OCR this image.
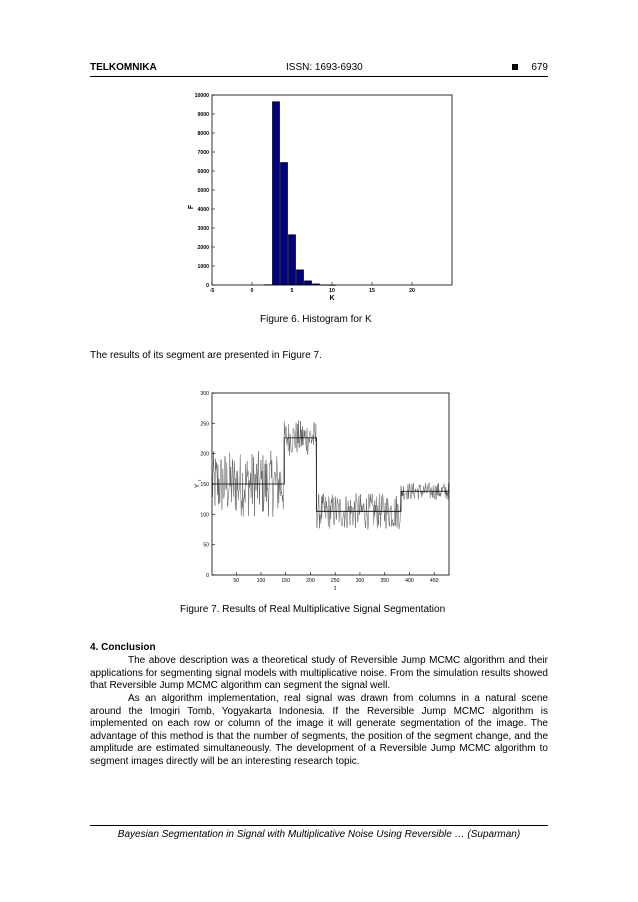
TELKOMNIKA	ISSN: 1693-6930	679
0
1000
2000
3000
4000
5000
6000
7000
8000
9000
10000
-5	0	5	10	15	20
K
F
Figure 6. Histogram for K
The results of its segment are presented in Figure 7.
0
50
100
150
200
250
300
50	100	150	200	250	300	350	400	450
t
Y
t
Figure 7. Results of Real Multiplicative Signal Segmentation
4. Conclusion
The above description was a theoretical study of Reversible Jump MCMC algorithm and their applications for segmenting signal models with multiplicative noise. From the simulation results showed that Reversible Jump MCMC algorithm can segment the signal well.
As an algorithm implementation, real signal was drawn from columns in a natural scene around the Imogiri Tomb, Yogyakarta Indonesia. If the Reversible Jump MCMC algorithm is implemented on each row or column of the image it will generate segmentation of the image. The advantage of this method is that the number of segments, the position of the segment change, and the amplitude are estimated simultaneously. The development of a Reversible Jump MCMC algorithm to segment images directly will be an interesting research topic.
Bayesian Segmentation in Signal with Multiplicative Noise Using Reversible … (Suparman)
